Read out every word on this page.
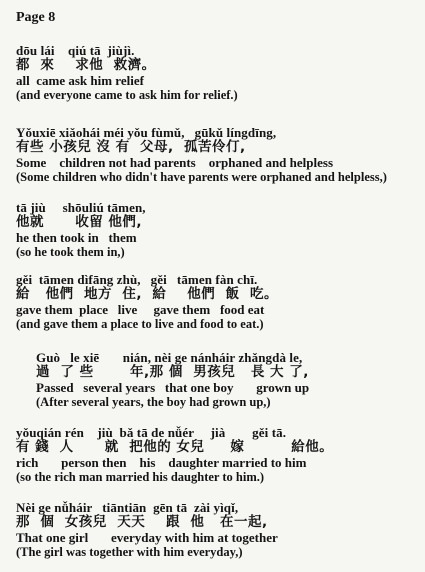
Page 8

dōu lái    qiú tā  jiùjì.
都  來    求他  救濟。
all  came ask him relief
(and everyone came to ask him for relief.)
Yǒuxiē xiǎohái méi yǒu fùmǔ,   gūkǔ língdīng,
有些 小孩兒 沒 有  父母,  孤苦伶仃,
Some    children not had parents    orphaned and helpless
(Some children who didn't have parents were orphaned and helpless,)
tā jiù     shōuliú tāmen,
他就      收留 他們,
he then took in   them
(so he took them in,)
gěi  tāmen dìfāng zhù,   gěi   tāmen fàn chī.
給   他們  地方  住,  給    他們  飯  吃。
gave them  place   live     gave them   food eat
(and gave them a place to live and food to eat.)
Guò   le xiē       nián, nèi ge nánháir zhǎngdà le,
過  了 些       年,那 個  男孩兒   長 大 了,
Passed   several years   that one boy       grown up
(After several years, the boy had grown up,)
yǒuqián rén    jiù  bǎ tā de nǚér     jià        gěi tā.
有 錢  人      就  把他的 女兒     嫁         給他。
rich       person then    his    daughter married to him
(so the rich man married his daughter to him.)
Nèi ge nǚháir   tiāntiān  gēn tā  zài yìqǐ,
那  個  女孩兒  天天    跟  他   在一起,
That one girl       everyday with him at together
(The girl was together with him everyday,)
